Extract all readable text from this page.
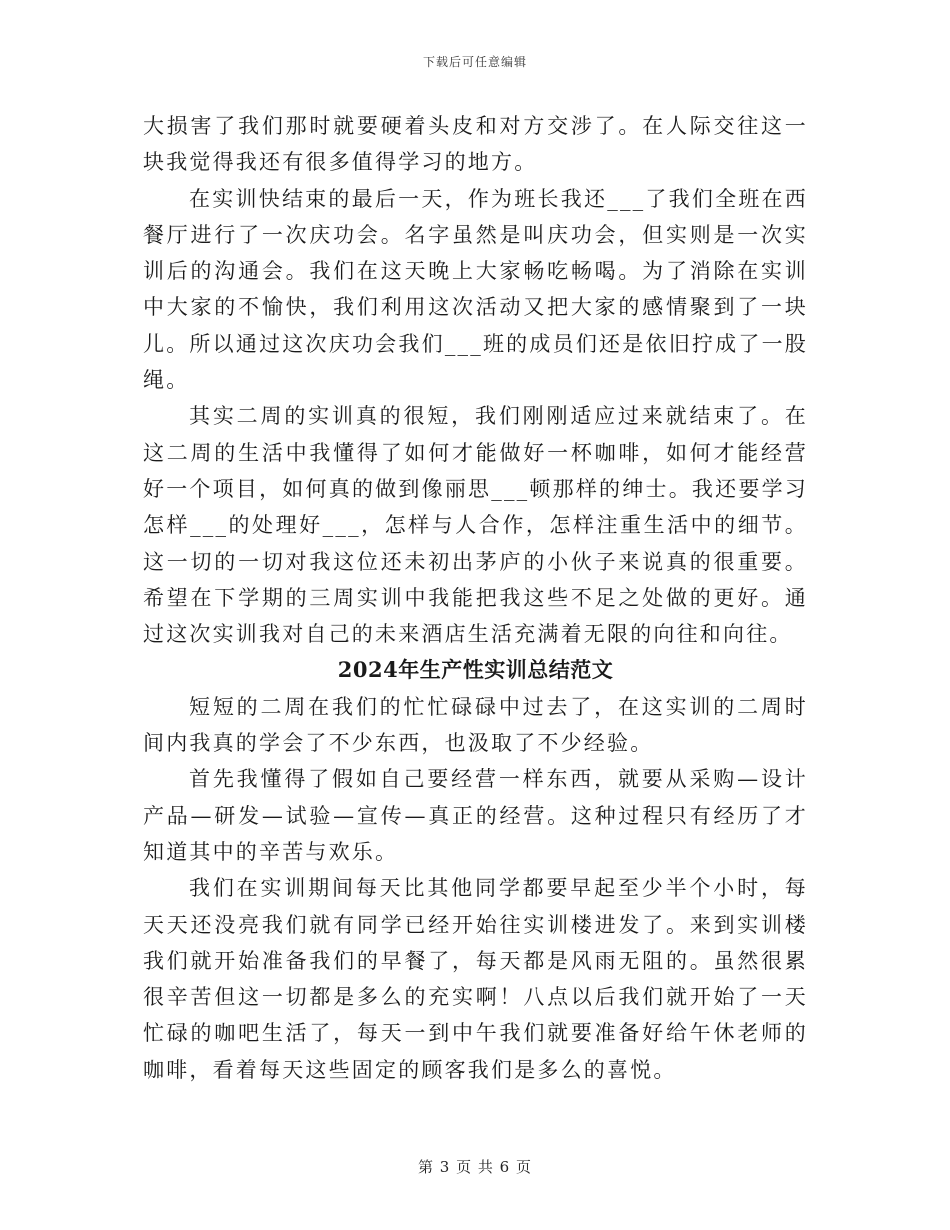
下载后可任意编辑

大损害了我们那时就要硬着头皮和对方交涉了。在人际交往这一块我觉得我还有很多值得学习的地方。

在实训快结束的最后一天，作为班长我还___了我们全班在西餐厅进行了一次庆功会。名字虽然是叫庆功会，但实则是一次实训后的沟通会。我们在这天晚上大家畅吃畅喝。为了消除在实训中大家的不愉快，我们利用这次活动又把大家的感情聚到了一块儿。所以通过这次庆功会我们___班的成员们还是依旧拧成了一股绳。

其实二周的实训真的很短，我们刚刚适应过来就结束了。在这二周的生活中我懂得了如何才能做好一杯咖啡，如何才能经营好一个项目，如何真的做到像丽思___顿那样的绅士。我还要学习怎样___的处理好___，怎样与人合作，怎样注重生活中的细节。这一切的一切对我这位还未初出茅庐的小伙子来说真的很重要。希望在下学期的三周实训中我能把我这些不足之处做的更好。通过这次实训我对自己的未来酒店生活充满着无限的向往和向往。

2024年生产性实训总结范文

短短的二周在我们的忙忙碌碌中过去了，在这实训的二周时间内我真的学会了不少东西，也汲取了不少经验。

首先我懂得了假如自己要经营一样东西，就要从采购—设计产品—研发—试验—宣传—真正的经营。这种过程只有经历了才知道其中的辛苦与欢乐。

我们在实训期间每天比其他同学都要早起至少半个小时，每天天还没亮我们就有同学已经开始往实训楼进发了。来到实训楼我们就开始准备我们的早餐了，每天都是风雨无阻的。虽然很累很辛苦但这一切都是多么的充实啊！八点以后我们就开始了一天忙碌的咖吧生活了，每天一到中午我们就要准备好给午休老师的咖啡，看着每天这些固定的顾客我们是多么的喜悦。

第 3 页 共 6 页
